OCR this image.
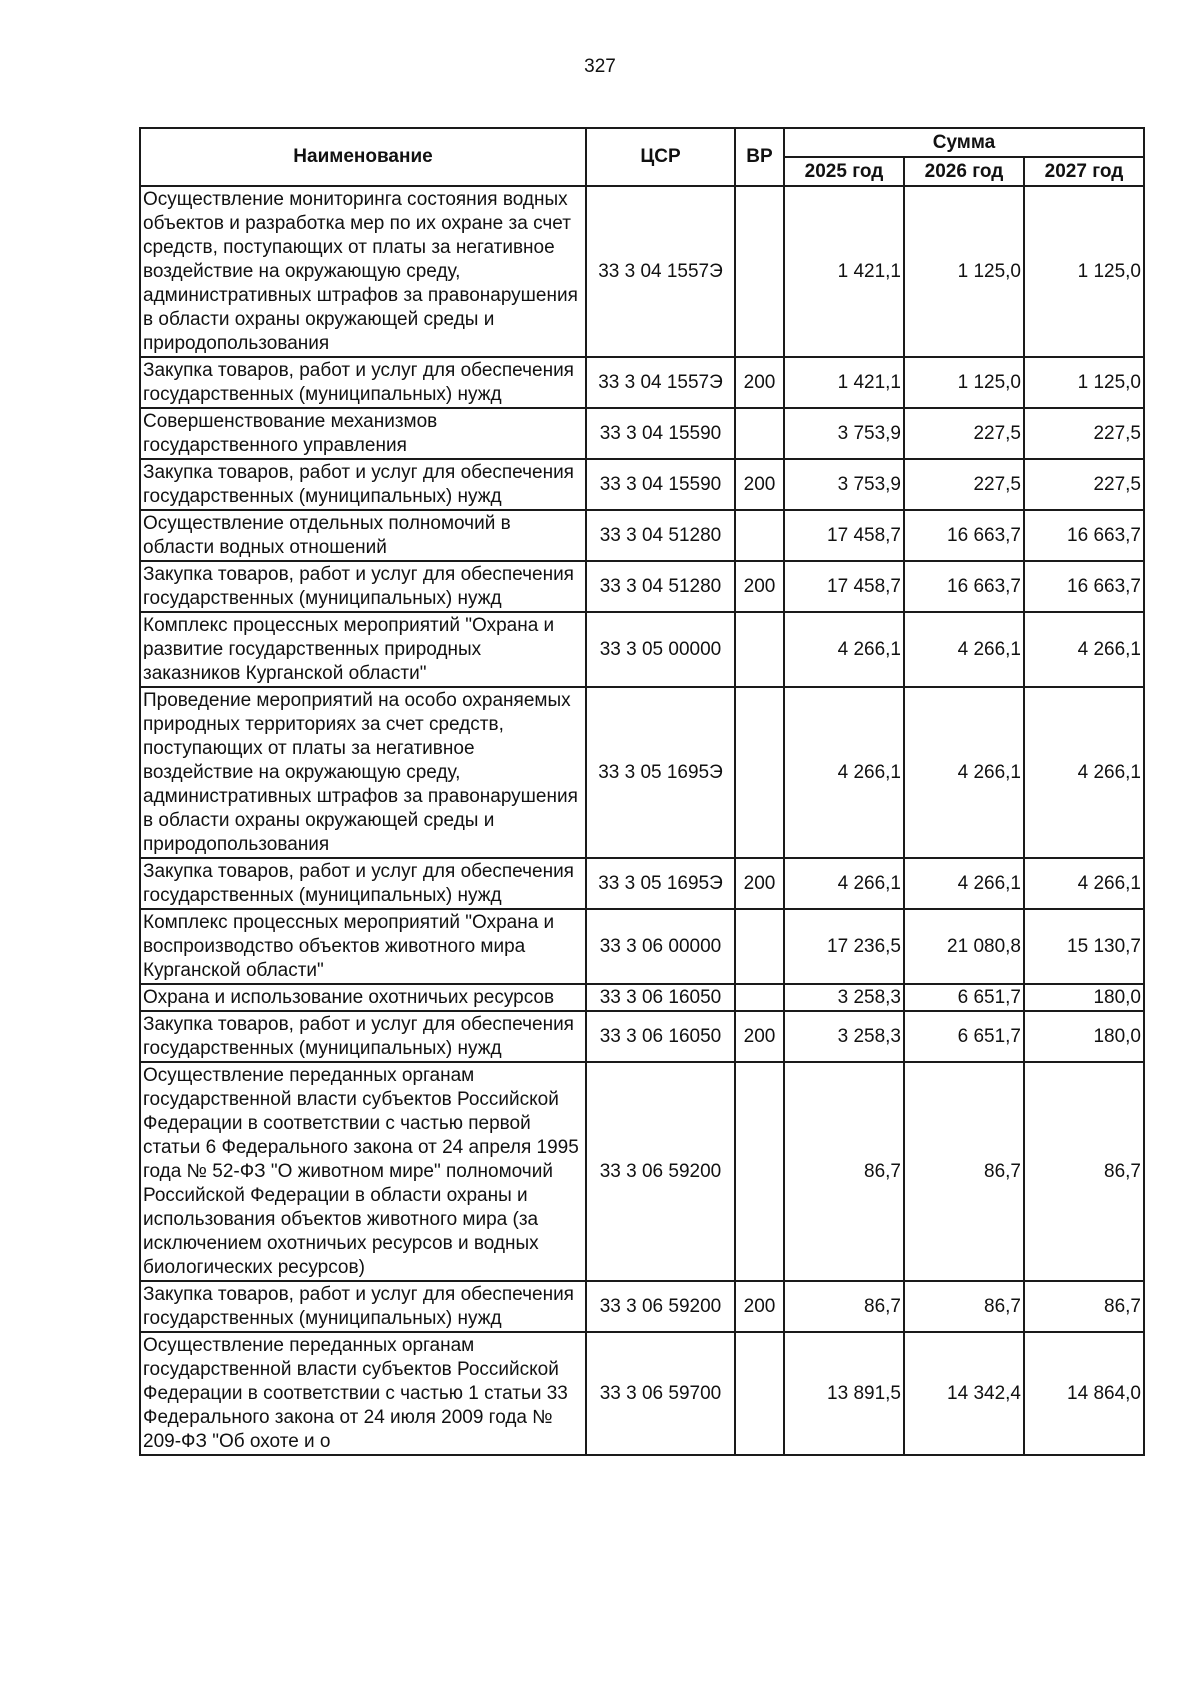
327
Наименование	ЦСР	ВР	Сумма		
			2025 год	2026 год	2027 год
Осуществление мониторинга состояния водных объектов и разработка мер по их охране за счет средств, поступающих от платы за негативное воздействие на окружающую среду, административных штрафов за правонарушения в области охраны окружающей среды и природопользования	33 3 04 1557Э		1 421,1	1 125,0	1 125,0
Закупка товаров, работ и услуг для обеспечения государственных (муниципальных) нужд	33 3 04 1557Э	200	1 421,1	1 125,0	1 125,0
Совершенствование механизмов государственного управления	33 3 04 15590		3 753,9	227,5	227,5
Закупка товаров, работ и услуг для обеспечения государственных (муниципальных) нужд	33 3 04 15590	200	3 753,9	227,5	227,5
Осуществление отдельных полномочий в области водных отношений	33 3 04 51280		17 458,7	16 663,7	16 663,7
Закупка товаров, работ и услуг для обеспечения государственных (муниципальных) нужд	33 3 04 51280	200	17 458,7	16 663,7	16 663,7
Комплекс процессных мероприятий "Охрана и развитие государственных природных заказников Курганской области"	33 3 05 00000		4 266,1	4 266,1	4 266,1
Проведение мероприятий на особо охраняемых природных территориях за счет средств, поступающих от платы за негативное воздействие на окружающую среду, административных штрафов за правонарушения в области охраны окружающей среды и природопользования	33 3 05 1695Э		4 266,1	4 266,1	4 266,1
Закупка товаров, работ и услуг для обеспечения государственных (муниципальных) нужд	33 3 05 1695Э	200	4 266,1	4 266,1	4 266,1
Комплекс процессных мероприятий "Охрана и воспроизводство объектов животного мира Курганской области"	33 3 06 00000		17 236,5	21 080,8	15 130,7
Охрана и использование охотничьих ресурсов	33 3 06 16050		3 258,3	6 651,7	180,0
Закупка товаров, работ и услуг для обеспечения государственных (муниципальных) нужд	33 3 06 16050	200	3 258,3	6 651,7	180,0
Осуществление переданных органам государственной власти субъектов Российской Федерации в соответствии с частью первой статьи 6 Федерального закона от 24 апреля 1995 года № 52-ФЗ "О животном мире" полномочий Российской Федерации в области охраны и использования объектов животного мира (за исключением охотничьих ресурсов и водных биологических ресурсов)	33 3 06 59200		86,7	86,7	86,7
Закупка товаров, работ и услуг для обеспечения государственных (муниципальных) нужд	33 3 06 59200	200	86,7	86,7	86,7
Осуществление переданных органам государственной власти субъектов Российской Федерации в соответствии с частью 1 статьи 33 Федерального закона от 24 июля 2009 года № 209-ФЗ "Об охоте и о	33 3 06 59700		13 891,5	14 342,4	14 864,0
